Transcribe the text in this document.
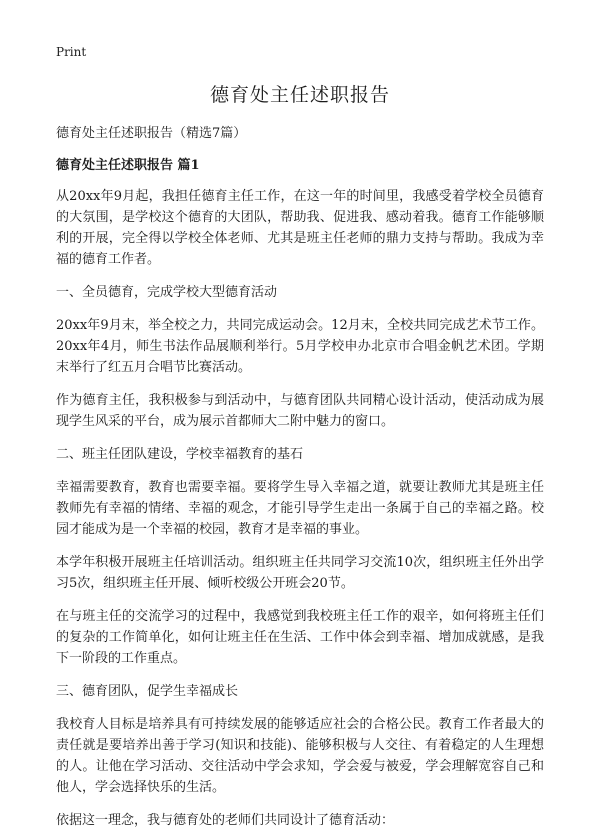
Print
德育处主任述职报告

德育处主任述职报告（精选7篇）

德育处主任述职报告 篇1

从20xx年9月起，我担任德育主任工作，在这一年的时间里，我感受着学校全员德育的大氛围，是学校这个德育的大团队，帮助我、促进我、感动着我。德育工作能够顺利的开展，完全得以学校全体老师、尤其是班主任老师的鼎力支持与帮助。我成为幸福的德育工作者。

一、全员德育，完成学校大型德育活动

20xx年9月末，举全校之力，共同完成运动会。12月末，全校共同完成艺术节工作。20xx年4月，师生书法作品展顺利举行。5月学校申办北京市合唱金帆艺术团。学期末举行了红五月合唱节比赛活动。

作为德育主任，我积极参与到活动中，与德育团队共同精心设计活动，使活动成为展现学生风采的平台，成为展示首都师大二附中魅力的窗口。

二、班主任团队建设，学校幸福教育的基石

幸福需要教育，教育也需要幸福。要将学生导入幸福之道，就要让教师尤其是班主任教师先有幸福的情绪、幸福的观念，才能引导学生走出一条属于自己的幸福之路。校园才能成为是一个幸福的校园，教育才是幸福的事业。

本学年积极开展班主任培训活动。组织班主任共同学习交流10次，组织班主任外出学习5次，组织班主任开展、倾听校级公开班会20节。

在与班主任的交流学习的过程中，我感觉到我校班主任工作的艰辛，如何将班主任们的复杂的工作简单化，如何让班主任在生活、工作中体会到幸福、增加成就感，是我下一阶段的工作重点。

三、德育团队，促学生幸福成长

我校育人目标是培养具有可持续发展的能够适应社会的合格公民。教育工作者最大的责任就是要培养出善于学习(知识和技能)、能够积极与人交往、有着稳定的人生理想的人。让他在学习活动、交往活动中学会求知，学会爱与被爱，学会理解宽容自己和他人，学会选择快乐的生活。

依据这一理念，我与德育处的老师们共同设计了德育活动：
